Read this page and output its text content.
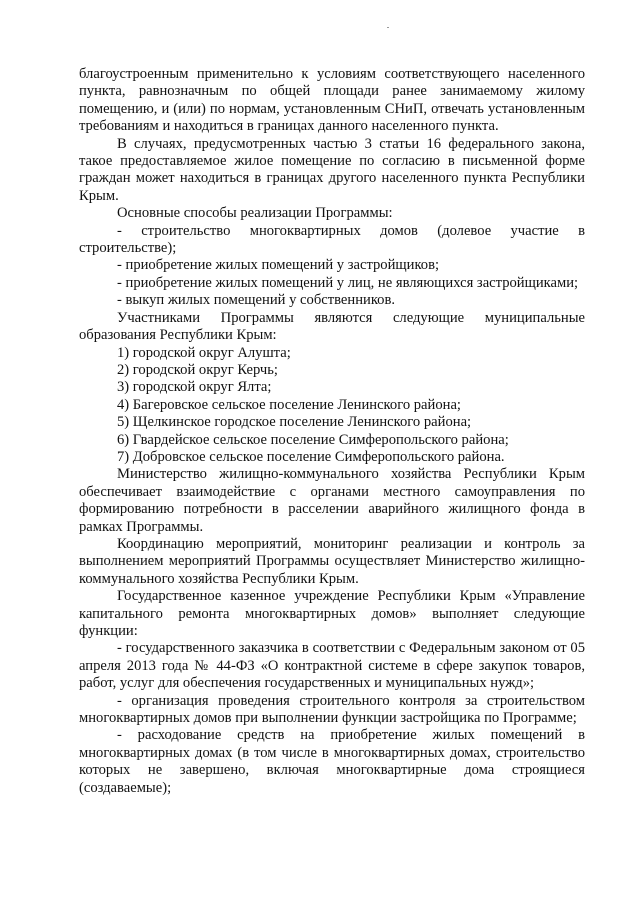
благоустроенным применительно к условиям соответствующего населенного пункта, равнозначным по общей площади ранее занимаемому жилому помещению, и (или) по нормам, установленным СНиП, отвечать установленным требованиям и находиться в границах данного населенного пункта.

В случаях, предусмотренных частью 3 статьи 16 федерального закона, такое предоставляемое жилое помещение по согласию в письменной форме граждан может находиться в границах другого населенного пункта Республики Крым.

Основные способы реализации Программы:

- строительство многоквартирных домов (долевое участие в строительстве);

- приобретение жилых помещений у застройщиков;

- приобретение жилых помещений у лиц, не являющихся застройщиками;

- выкуп жилых помещений у собственников.

Участниками Программы являются следующие муниципальные образования Республики Крым:

1) городской округ Алушта;

2) городской округ Керчь;

3) городской округ Ялта;

4) Багеровское сельское поселение Ленинского района;

5) Щелкинское городское поселение Ленинского района;

6) Гвардейское сельское поселение Симферопольского района;

7) Добровское сельское поселение Симферопольского района.

Министерство жилищно-коммунального хозяйства Республики Крым обеспечивает взаимодействие с органами местного самоуправления по формированию потребности в расселении аварийного жилищного фонда в рамках Программы.

Координацию мероприятий, мониторинг реализации и контроль за выполнением мероприятий Программы осуществляет Министерство жилищно-коммунального хозяйства Республики Крым.

Государственное казенное учреждение Республики Крым «Управление капитального ремонта многоквартирных домов» выполняет следующие функции:

- государственного заказчика в соответствии с Федеральным законом от 05 апреля 2013 года № 44-ФЗ «О контрактной системе в сфере закупок товаров, работ, услуг для обеспечения государственных и муниципальных нужд»;

- организация проведения строительного контроля за строительством многоквартирных домов при выполнении функции застройщика по Программе;

- расходование средств на приобретение жилых помещений в многоквартирных домах (в том числе в многоквартирных домах, строительство которых не завершено, включая многоквартирные дома строящиеся (создаваемые);
